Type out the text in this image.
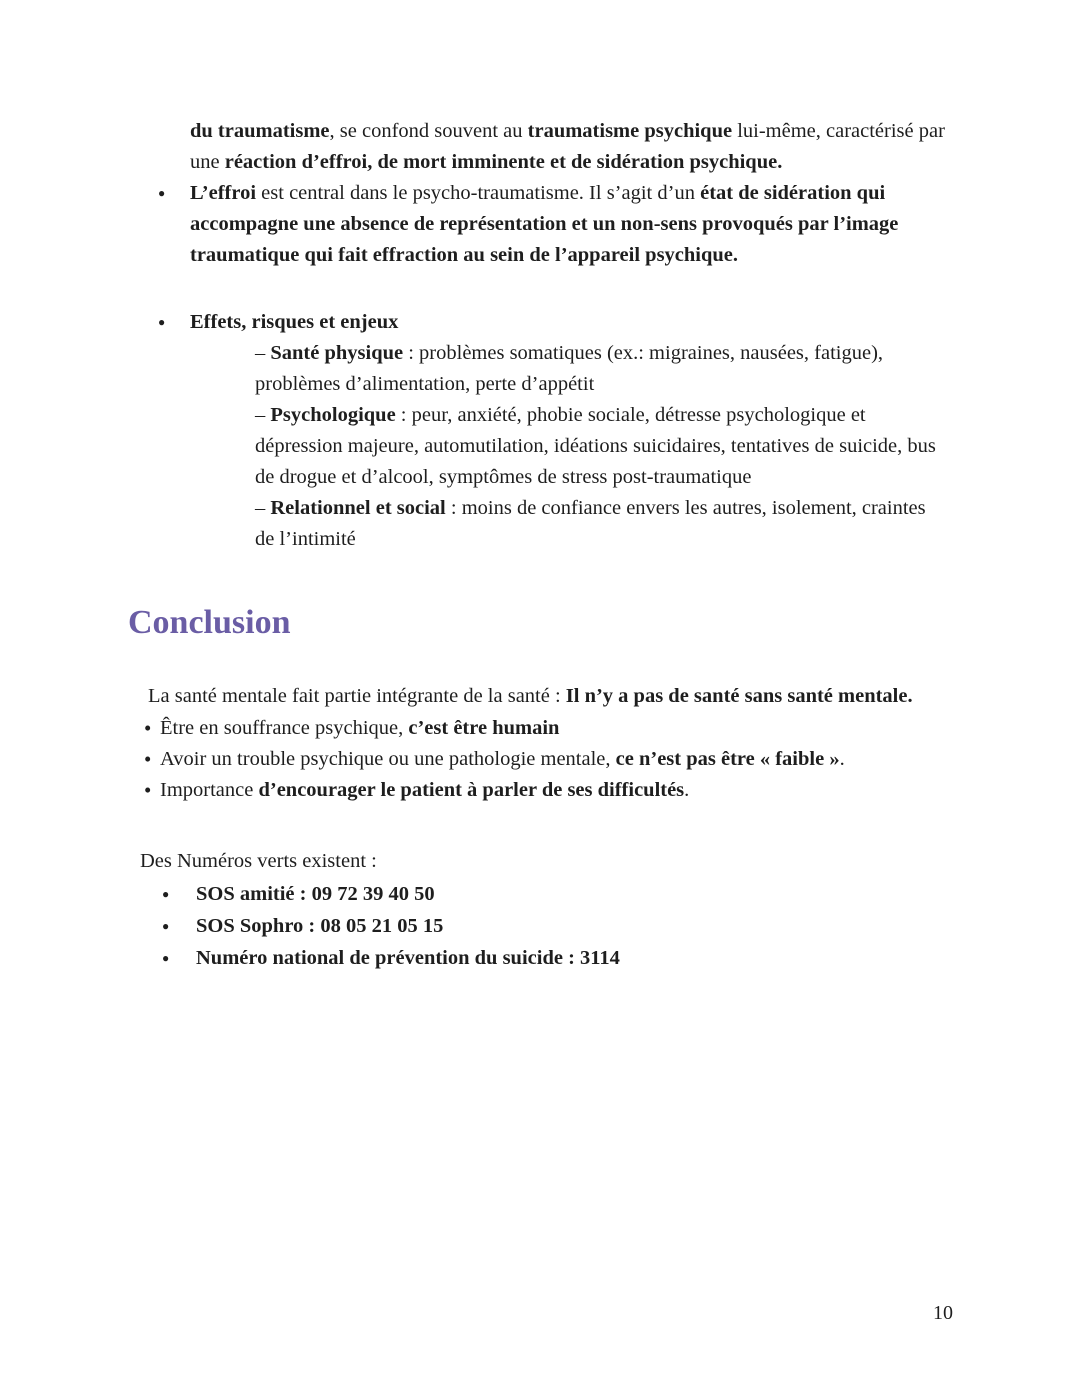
du traumatisme, se confond souvent au traumatisme psychique lui-même, caractérisé par une réaction d’effroi, de mort imminente et de sidération psychique.

● L’effroi est central dans le psycho-traumatisme. Il s’agit d’un état de sidération qui accompagne une absence de représentation et un non-sens provoqués par l’image traumatique qui fait effraction au sein de l’appareil psychique.
● Effets, risques et enjeux
– Santé physique : problèmes somatiques (ex.: migraines, nausées, fatigue), problèmes d’alimentation, perte d’appétit
– Psychologique : peur, anxiété, phobie sociale, détresse psychologique et dépression majeure, automutilation, idéations suicidaires, tentatives de suicide, bus de drogue et d’alcool, symptômes de stress post-traumatique
– Relationnel et social : moins de confiance envers les autres, isolement, craintes de l’intimité
Conclusion

La santé mentale fait partie intégrante de la santé : Il n’y a pas de santé sans santé mentale.

• Être en souffrance psychique, c’est être humain
• Avoir un trouble psychique ou une pathologie mentale, ce n’est pas être « faible ».
• Importance d’encourager le patient à parler de ses difficultés.

Des Numéros verts existent :

● SOS amitié : 09 72 39 40 50
● SOS Sophro : 08 05 21 05 15
● Numéro national de prévention du suicide : 3114
10
